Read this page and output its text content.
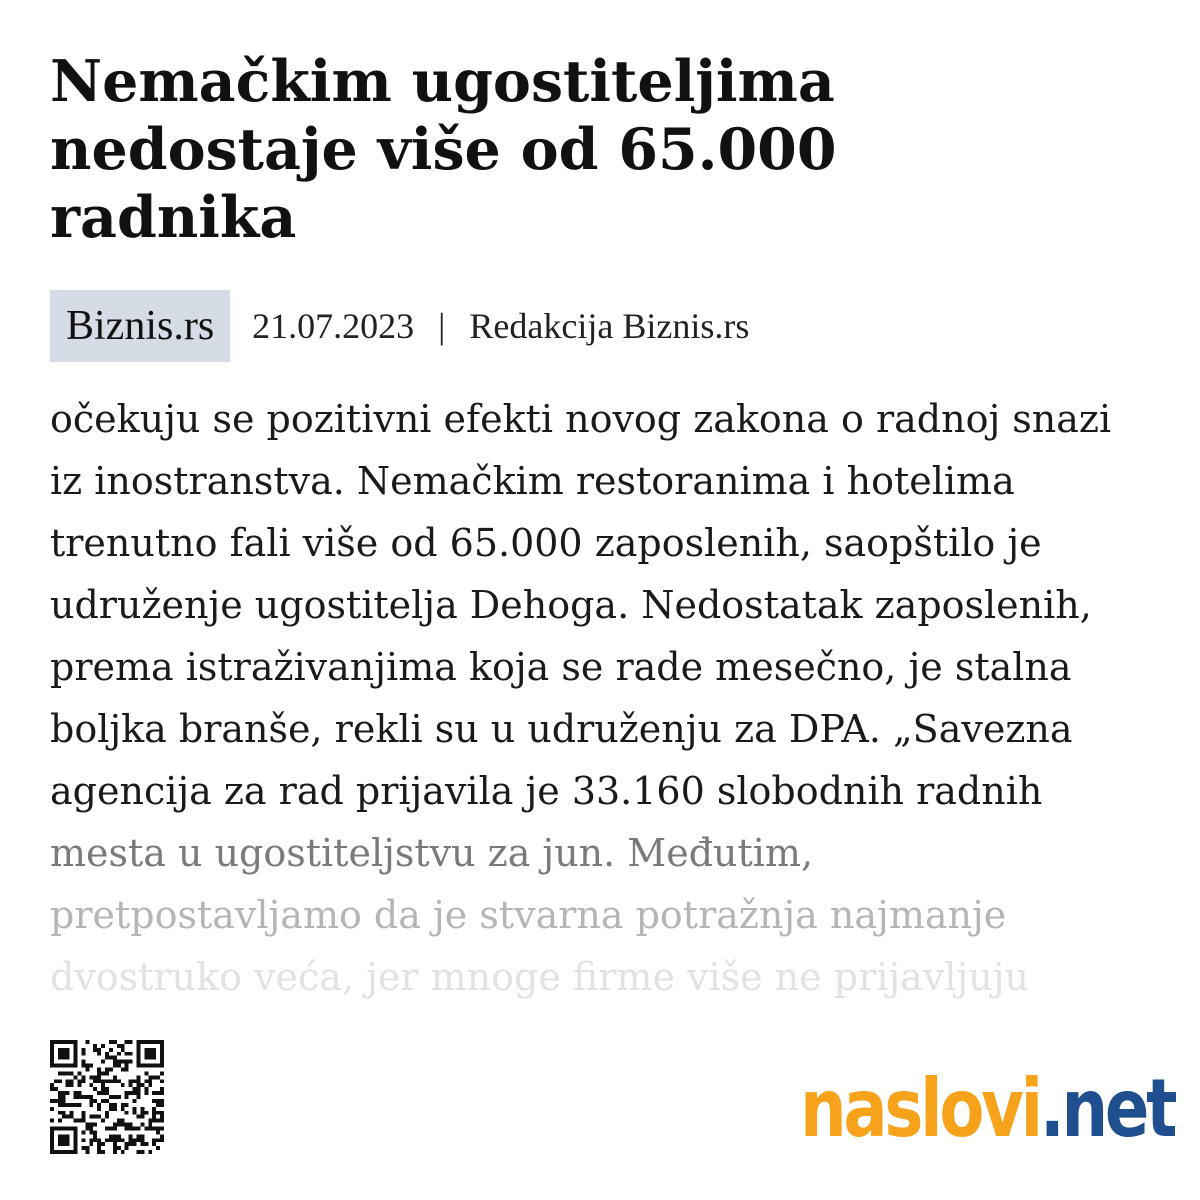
Nemačkim ugostiteljima nedostaje više od 65.000 radnika
Biznis.rs	21.07.2023 | Redakcija Biznis.rs
očekuju se pozitivni efekti novog zakona o radnoj snazi
iz inostranstva. Nemačkim restoranima i hotelima
trenutno fali više od 65.000 zaposlenih, saopštilo je
udruženje ugostitelja Dehoga. Nedostatak zaposlenih,
prema istraživanjima koja se rade mesečno, je stalna
boljka branše, rekli su u udruženju za DPA. „Savezna
agencija za rad prijavila je 33.160 slobodnih radnih
mesta u ugostiteljstvu za jun. Međutim,
pretpostavljamo da je stvarna potražnja najmanje
dvostruko veća, jer mnoge firme više ne prijavljuju
naslovi .net
